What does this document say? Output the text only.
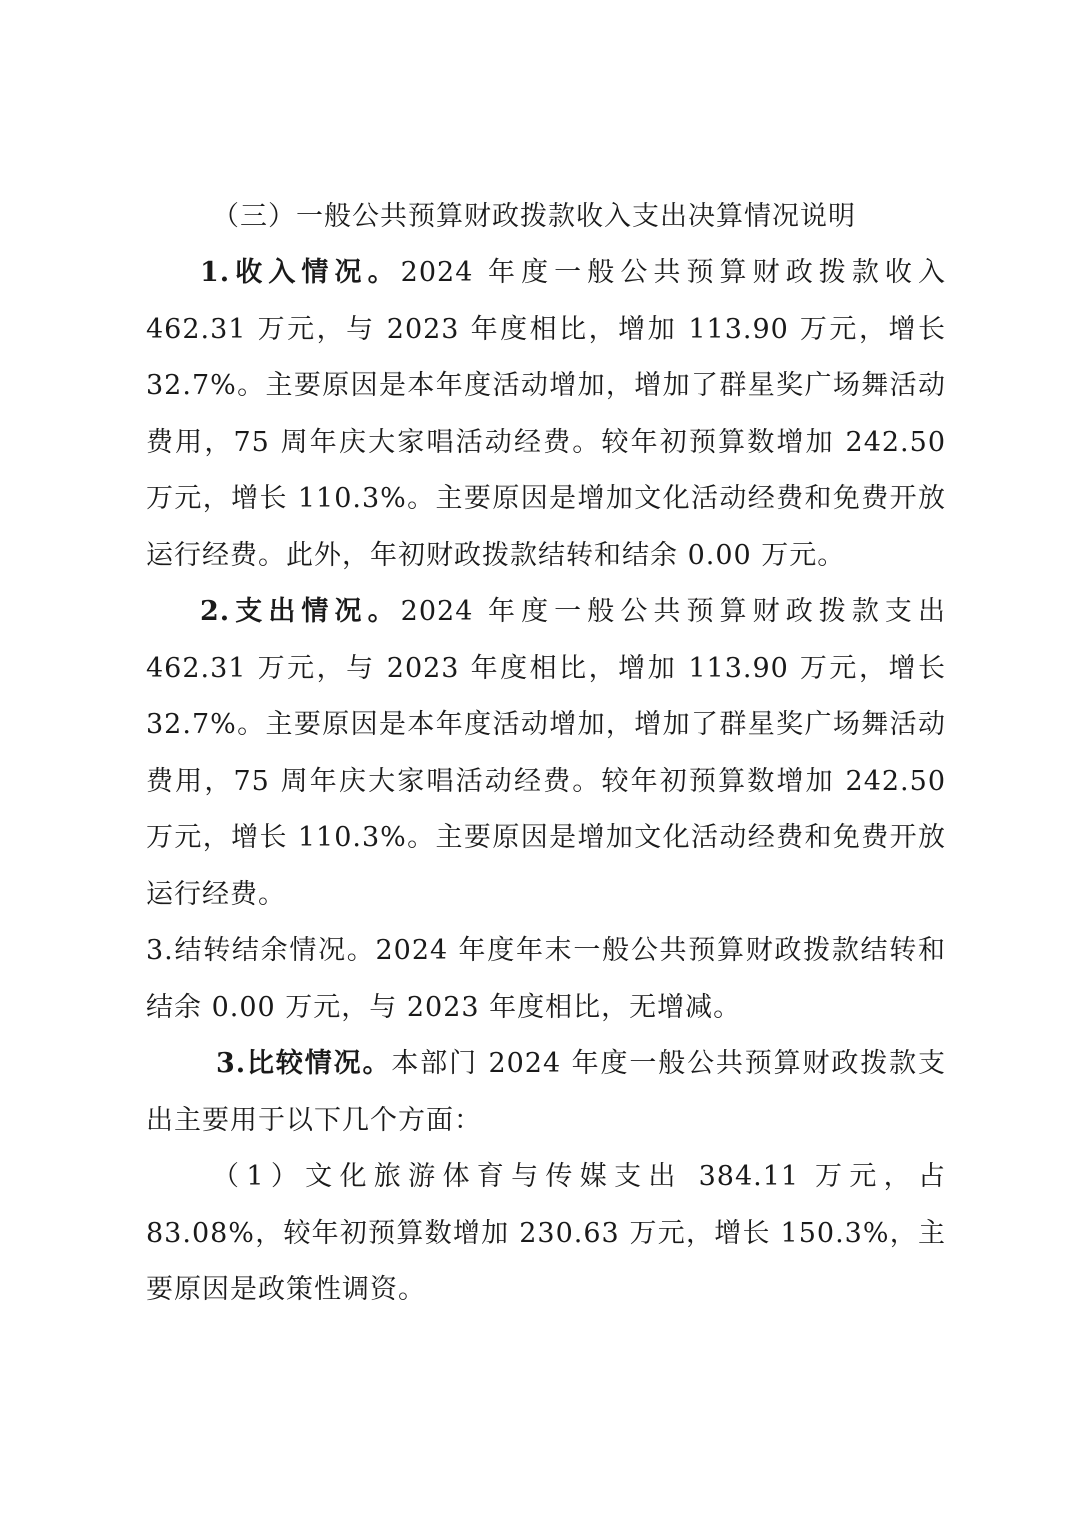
（三）一般公共预算财政拨款收入支出决算情况说明

1.收入情况。2024 年度一般公共预算财政拨款收入 462.31 万元，与 2023 年度相比，增加 113.90 万元，增长 32.7%。主要原因是本年度活动增加，增加了群星奖广场舞活动费用，75 周年庆大家唱活动经费。较年初预算数增加 242.50 万元，增长 110.3%。主要原因是增加文化活动经费和免费开放运行经费。此外，年初财政拨款结转和结余 0.00 万元。

2.支出情况。2024 年度一般公共预算财政拨款支出 462.31 万元，与 2023 年度相比，增加 113.90 万元，增长 32.7%。主要原因是本年度活动增加，增加了群星奖广场舞活动费用，75 周年庆大家唱活动经费。较年初预算数增加 242.50 万元，增长 110.3%。主要原因是增加文化活动经费和免费开放运行经费。

3.结转结余情况。2024 年度年末一般公共预算财政拨款结转和结余 0.00 万元，与 2023 年度相比，无增减。

3.比较情况。本部门 2024 年度一般公共预算财政拨款支出主要用于以下几个方面：

（1）文化旅游体育与传媒支出 384.11 万元，占 83.08%，较年初预算数增加 230.63 万元，增长 150.3%，主要原因是政策性调资。
